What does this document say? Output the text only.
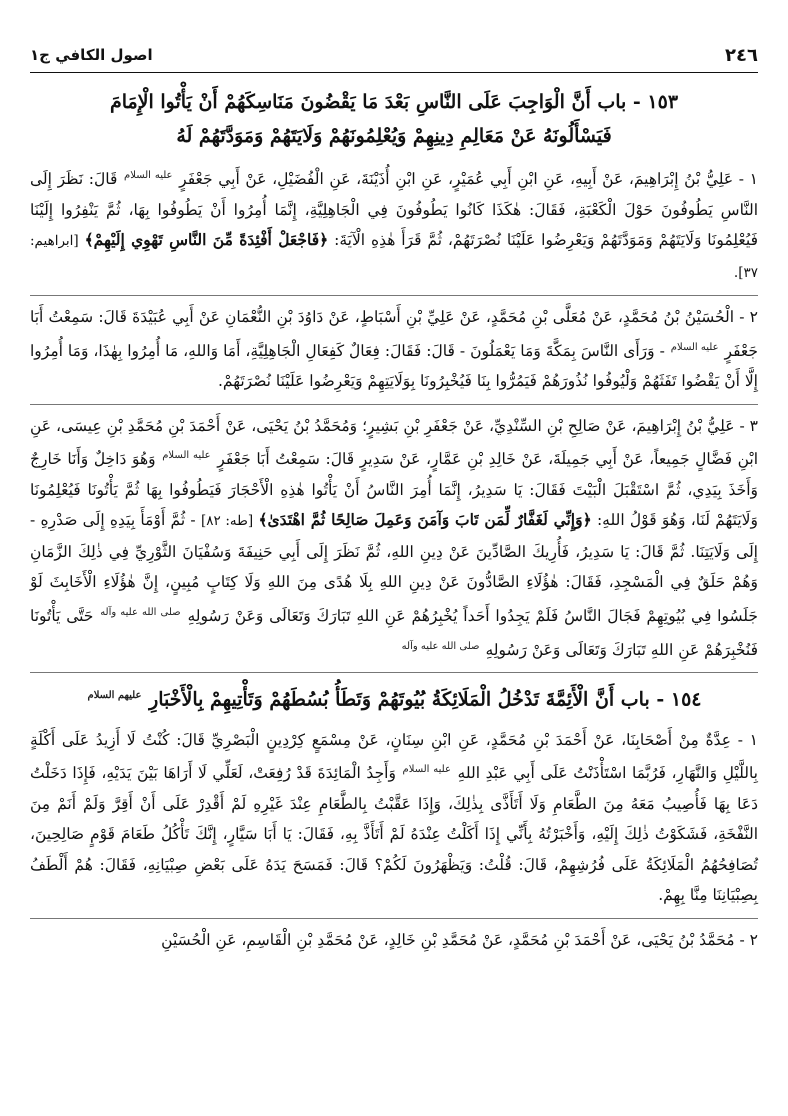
٢٤٦
اصول الكافي ج١
١٥٣ - باب أَنَّ الْوَاجِبَ عَلَى النَّاسِ بَعْدَ مَا يَقْضُونَ مَنَاسِكَهُمْ أَنْ يَأْتُوا الْإِمَامَ
فَيَسْأَلُونَهُ عَنْ مَعَالِمِ دِينِهِمْ وَيُعْلِمُونَهُمْ وَلَايَتَهُمْ وَمَوَدَّتَهُمْ لَهُ

١ - عَلِيُّ بْنُ إِبْرَاهِيمَ، عَنْ أَبِيهِ، عَنِ ابْنِ أَبِي عُمَيْرٍ، عَنِ ابْنِ أُذَيْنَةَ، عَنِ الْفُضَيْلِ، عَنْ أَبِي جَعْفَرٍ $^{عليه السلام}$ قَالَ: نَظَرَ إِلَى النَّاسِ يَطُوفُونَ حَوْلَ الْكَعْبَةِ، فَقَالَ: هٰكَذَا كَانُوا يَطُوفُونَ فِي الْجَاهِلِيَّةِ، إِنَّمَا أُمِرُوا أَنْ يَطُوفُوا بِهَا، ثُمَّ يَنْفِرُوا إِلَيْنَا فَيُعْلِمُونَا وَلَايَتَهُمْ وَمَوَدَّتَهُمْ وَيَعْرِضُوا عَلَيْنَا نُصْرَتَهُمْ، ثُمَّ قَرَأَ هٰذِهِ الْآيَةَ: ﴿فَاجْعَلْ أَفْئِدَةً مِّنَ النَّاسِ تَهْوِي إِلَيْهِمْ﴾ [ابراهيم: ٣٧].

٢ - الْحُسَيْنُ بْنُ مُحَمَّدٍ، عَنْ مُعَلَّى بْنِ مُحَمَّدٍ، عَنْ عَلِيِّ بْنِ أَسْبَاطٍ، عَنْ دَاوُدَ بْنِ النُّعْمَانِ عَنْ أَبِي عُبَيْدَةَ قَالَ: سَمِعْتُ أَبَا جَعْفَرٍ $^{عليه السلام}$ - وَرَأَى النَّاسَ بِمَكَّةَ وَمَا يَعْمَلُونَ - قَالَ: فَقَالَ: فِعَالٌ كَفِعَالِ الْجَاهِلِيَّةِ، أَمَا وَاللهِ، مَا أُمِرُوا بِهٰذَا، وَمَا أُمِرُوا إِلَّا أَنْ يَقْضُوا تَفَثَهُمْ وَلْيُوفُوا نُذُورَهُمْ فَيَمُرُّوا بِنَا فَيُخْبِرُونَا بِوَلَايَتِهِمْ وَيَعْرِضُوا عَلَيْنَا نُصْرَتَهُمْ.

٣ - عَلِيُّ بْنُ إِبْرَاهِيمَ، عَنْ صَالِحِ بْنِ السِّنْدِيِّ، عَنْ جَعْفَرِ بْنِ بَشِيرٍ؛ وَمُحَمَّدُ بْنُ يَحْيَى، عَنْ أَحْمَدَ بْنِ مُحَمَّدِ بْنِ عِيسَى، عَنِ ابْنِ فَضَّالٍ جَمِيعاً، عَنْ أَبِي جَمِيلَةَ، عَنْ خَالِدِ بْنِ عَمَّارٍ، عَنْ سَدِيرٍ قَالَ: سَمِعْتُ أَبَا جَعْفَرٍ $^{عليه السلام}$ وَهُوَ دَاخِلٌ وَأَنَا خَارِجٌ وَأَخَذَ بِيَدِي، ثُمَّ اسْتَقْبَلَ الْبَيْتَ فَقَالَ: يَا سَدِيرُ، إِنَّمَا أُمِرَ النَّاسُ أَنْ يَأْتُوا هٰذِهِ الْأَحْجَارَ فَيَطُوفُوا بِهَا ثُمَّ يَأْتُونَا فَيُعْلِمُونَا وَلَايَتَهُمْ لَنَا، وَهُوَ قَوْلُ اللهِ: ﴿وَإِنِّي لَغَفَّارٌ لِّمَن تَابَ وَآمَنَ وَعَمِلَ صَالِحًا ثُمَّ اهْتَدَىٰ﴾ [طه: ٨٢] - ثُمَّ أَوْمَأَ بِيَدِهِ إِلَى صَدْرِهِ - إِلَى وَلَايَتِنَا. ثُمَّ قَالَ: يَا سَدِيرُ، فَأُرِيكَ الصَّادِّينَ عَنْ دِينِ اللهِ، ثُمَّ نَظَرَ إِلَى أَبِي حَنِيفَةَ وَسُفْيَانَ الثَّوْرِيِّ فِي ذٰلِكَ الزَّمَانِ وَهُمْ حَلَقٌ فِي الْمَسْجِدِ، فَقَالَ: هٰؤُلَاءِ الصَّادُّونَ عَنْ دِينِ اللهِ بِلَا هُدًى مِنَ اللهِ وَلَا كِتَابٍ مُبِينٍ، إِنَّ هٰؤُلَاءِ الْأَخَابِثَ لَوْ جَلَسُوا فِي بُيُوتِهِمْ فَجَالَ النَّاسُ فَلَمْ يَجِدُوا أَحَداً يُخْبِرُهُمْ عَنِ اللهِ تَبَارَكَ وَتَعَالَى وَعَنْ رَسُولِهِ $^{صلى الله عليه وآله}$ حَتَّى يَأْتُونَا فَنُخْبِرَهُمْ عَنِ اللهِ تَبَارَكَ وَتَعَالَى وَعَنْ رَسُولِهِ $^{صلى الله عليه وآله}$

١٥٤ - باب أَنَّ الْأَئِمَّةَ تَدْخُلُ الْمَلَائِكَةُ بُيُوتَهُمْ وَتَطَأُ بُسُطَهُمْ وَتَأْتِيهِمْ بِالْأَخْبَارِ $^{عليهم السلام}$

١ - عِدَّةٌ مِنْ أَصْحَابِنَا، عَنْ أَحْمَدَ بْنِ مُحَمَّدٍ، عَنِ ابْنِ سِنَانٍ، عَنْ مِسْمَعٍ كِرْدِينٍ الْبَصْرِيِّ قَالَ: كُنْتُ لَا أَزِيدُ عَلَى أَكْلَةٍ بِاللَّيْلِ وَالنَّهَارِ، فَرُبَّمَا اسْتَأْذَنْتُ عَلَى أَبِي عَبْدِ اللهِ $^{عليه السلام}$ وَأَجِدُ الْمَائِدَةَ قَدْ رُفِعَتْ، لَعَلِّي لَا أَرَاهَا بَيْنَ يَدَيْهِ، فَإِذَا دَخَلْتُ دَعَا بِهَا فَأُصِيبُ مَعَهُ مِنَ الطَّعَامِ وَلَا أَتَأَذَّى بِذٰلِكَ، وَإِذَا عَقَّبْتُ بِالطَّعَامِ عِنْدَ غَيْرِهِ لَمْ أَقْدِرْ عَلَى أَنْ أَقِرَّ وَلَمْ أَنَمْ مِنَ النَّفْخَةِ، فَشَكَوْتُ ذٰلِكَ إِلَيْهِ، وَأَخْبَرْتُهُ بِأَنِّي إِذَا أَكَلْتُ عِنْدَهُ لَمْ أَتَأَذَّ بِهِ، فَقَالَ: يَا أَبَا سَيَّارٍ، إِنَّكَ تَأْكُلُ طَعَامَ قَوْمٍ صَالِحِينَ، تُصَافِحُهُمُ الْمَلَائِكَةُ عَلَى فُرُشِهِمْ، قَالَ: قُلْتُ: وَيَظْهَرُونَ لَكُمْ؟ قَالَ: فَمَسَحَ يَدَهُ عَلَى بَعْضِ صِبْيَانِهِ، فَقَالَ: هُمْ أَلْطَفُ بِصِبْيَانِنَا مِنَّا بِهِمْ.

٢ - مُحَمَّدُ بْنُ يَحْيَى، عَنْ أَحْمَدَ بْنِ مُحَمَّدٍ، عَنْ مُحَمَّدِ بْنِ خَالِدٍ، عَنْ مُحَمَّدِ بْنِ الْقَاسِمِ، عَنِ الْحُسَيْنِ
